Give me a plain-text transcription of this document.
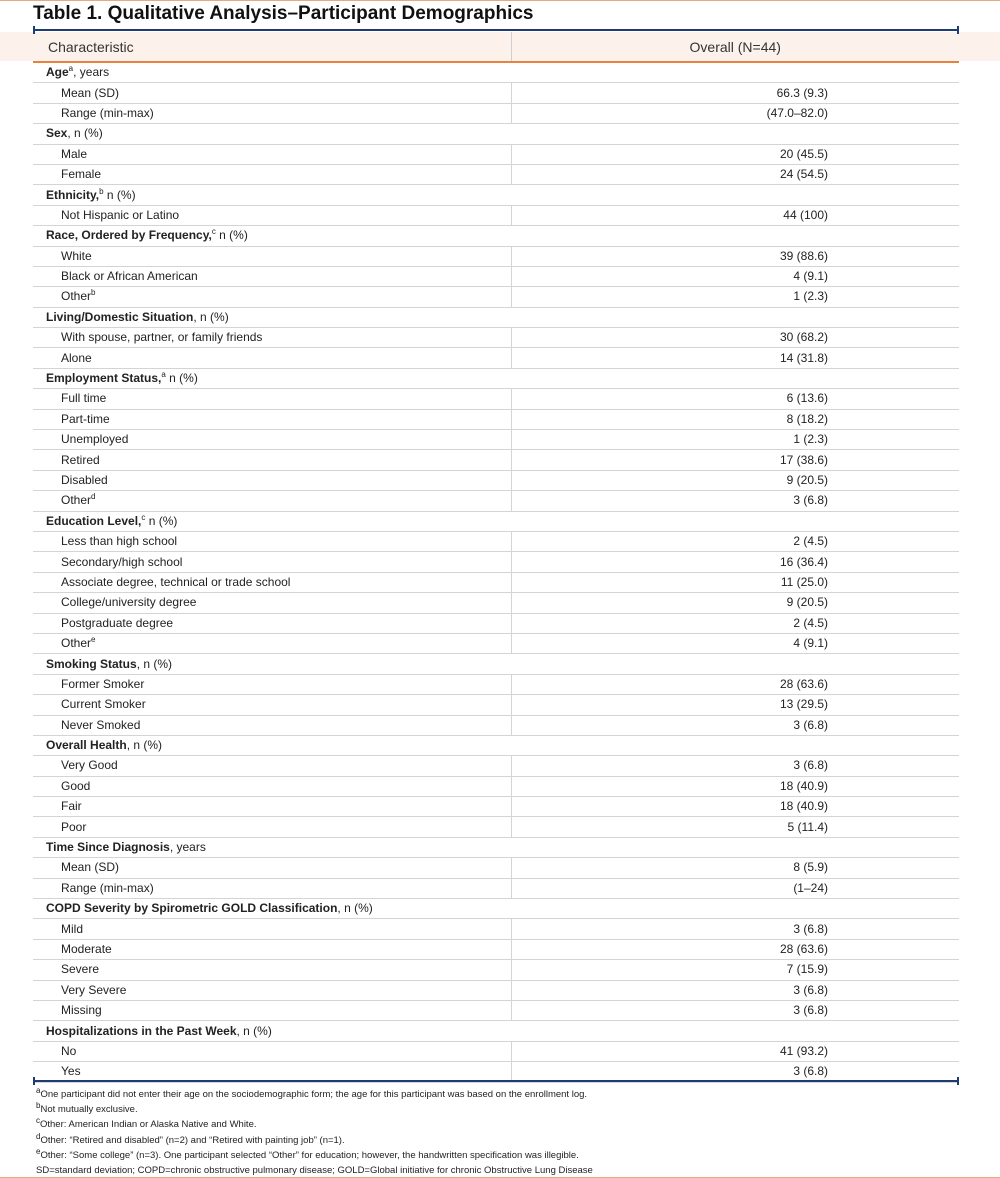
Table 1. Qualitative Analysis–Participant Demographics
Characteristic	Overall (N=44)
Age$^a$, years	
Mean (SD)	66.3 (9.3)
Range (min-max)	(47.0–82.0)
Sex, n (%)	
Male	20 (45.5)
Female	24 (54.5)
Ethnicity,$^b$ n (%)	
Not Hispanic or Latino	44 (100)
Race, Ordered by Frequency,$^c$ n (%)	
White	39 (88.6)
Black or African American	4 (9.1)
Other$^b$	1 (2.3)
Living/Domestic Situation, n (%)	
With spouse, partner, or family friends	30 (68.2)
Alone	14 (31.8)
Employment Status,$^a$ n (%)	
Full time	6 (13.6)
Part-time	8 (18.2)
Unemployed	1 (2.3)
Retired	17 (38.6)
Disabled	9 (20.5)
Other$^d$	3 (6.8)
Education Level,$^c$ n (%)	
Less than high school	2 (4.5)
Secondary/high school	16 (36.4)
Associate degree, technical or trade school	11 (25.0)
College/university degree	9 (20.5)
Postgraduate degree	2 (4.5)
Other$^e$	4 (9.1)
Smoking Status, n (%)	
Former Smoker	28 (63.6)
Current Smoker	13 (29.5)
Never Smoked	3 (6.8)
Overall Health, n (%)	
Very Good	3 (6.8)
Good	18 (40.9)
Fair	18 (40.9)
Poor	5 (11.4)
Time Since Diagnosis, years	
Mean (SD)	8 (5.9)
Range (min-max)	(1–24)
COPD Severity by Spirometric GOLD Classification, n (%)	
Mild	3 (6.8)
Moderate	28 (63.6)
Severe	7 (15.9)
Very Severe	3 (6.8)
Missing	3 (6.8)
Hospitalizations in the Past Week, n (%)	
No	41 (93.2)
Yes	3 (6.8)
$^a$One participant did not enter their age on the sociodemographic form; the age for this participant was based on the enrollment log.
$^b$Not mutually exclusive.
$^c$Other: American Indian or Alaska Native and White.
$^d$Other: “Retired and disabled” (n=2) and “Retired with painting job” (n=1).
$^e$Other: “Some college” (n=3). One participant selected “Other” for education; however, the handwritten specification was illegible.
SD=standard deviation; COPD=chronic obstructive pulmonary disease; GOLD=Global initiative for chronic Obstructive Lung Disease
